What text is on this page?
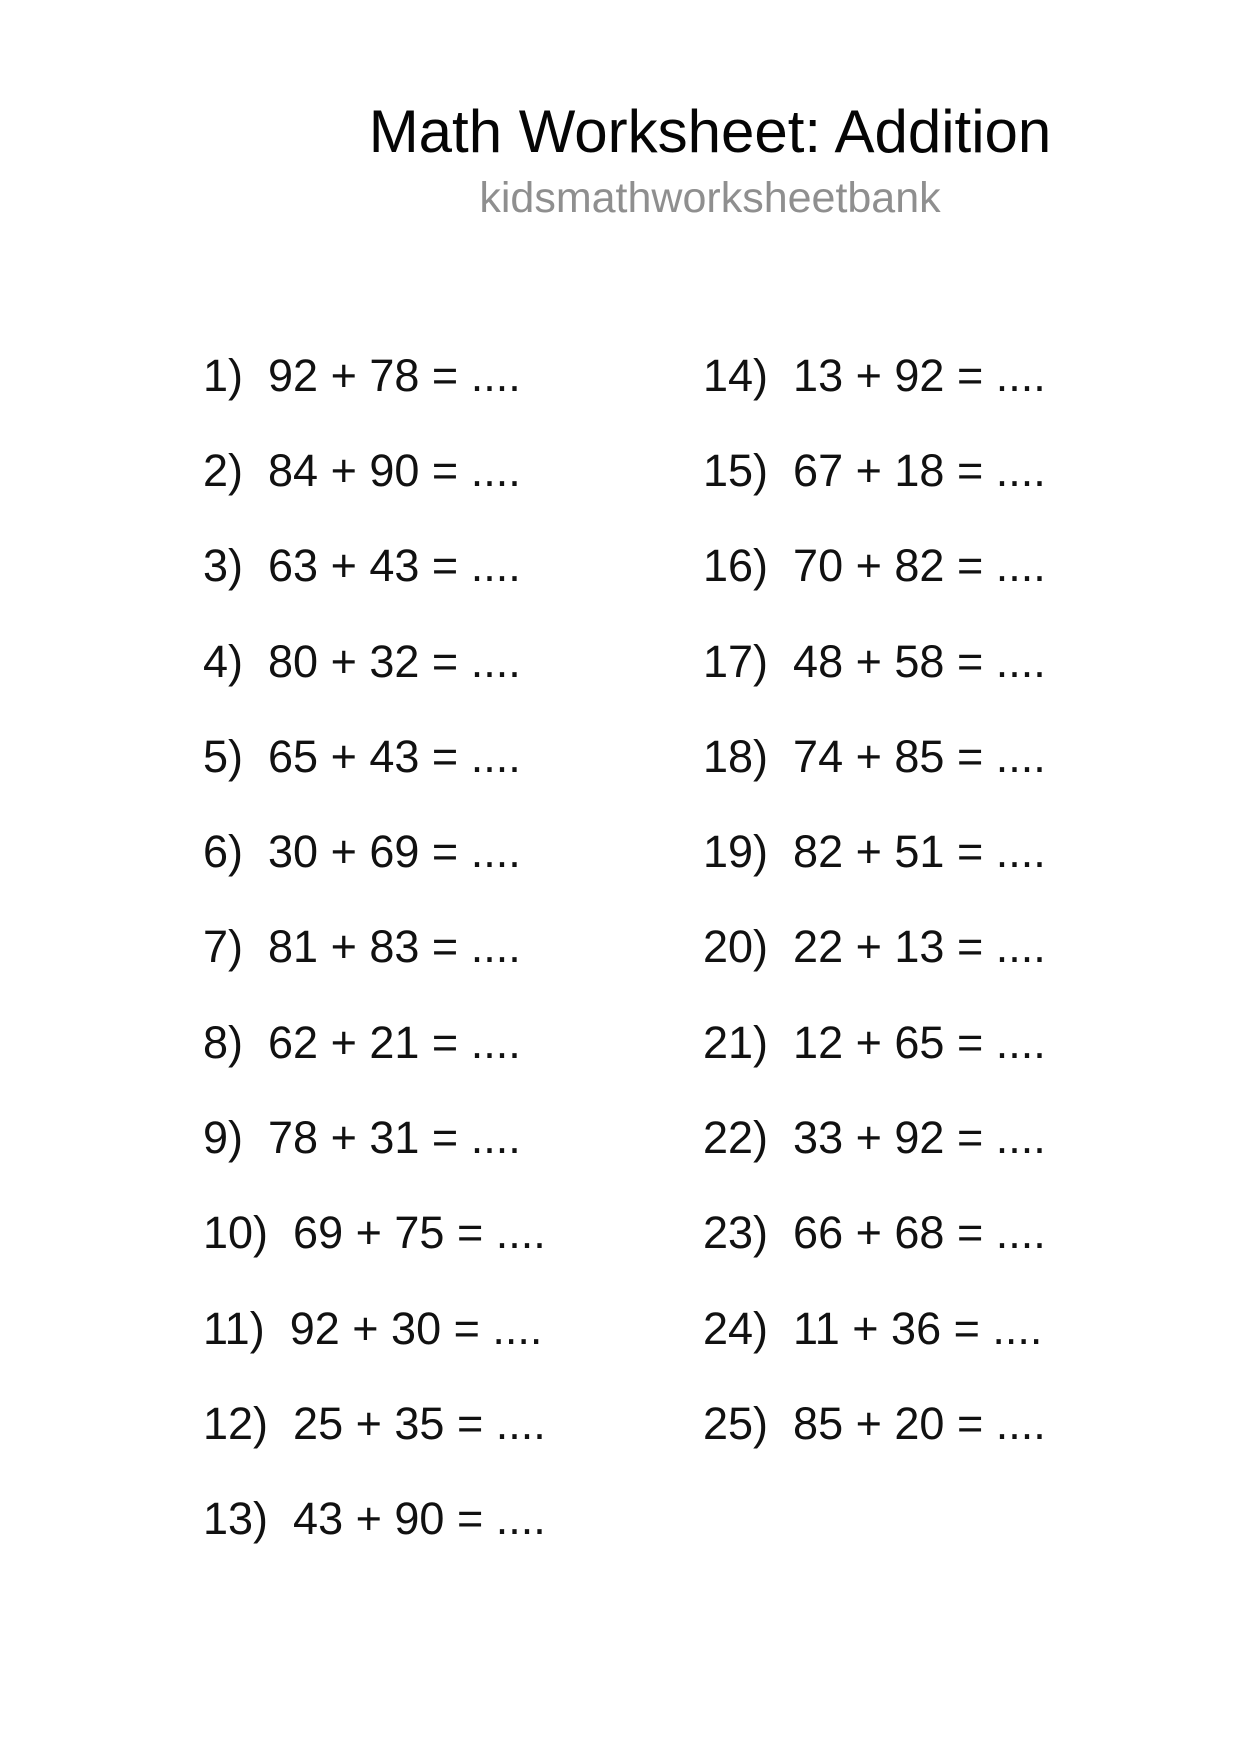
Math Worksheet: Addition
kidsmathworksheetbank
1) 92 + 78 = ....
2) 84 + 90 = ....
3) 63 + 43 = ....
4) 80 + 32 = ....
5) 65 + 43 = ....
6) 30 + 69 = ....
7) 81 + 83 = ....
8) 62 + 21 = ....
9) 78 + 31 = ....
10) 69 + 75 = ....
11) 92 + 30 = ....
12) 25 + 35 = ....
13) 43 + 90 = ....
14) 13 + 92 = ....
15) 67 + 18 = ....
16) 70 + 82 = ....
17) 48 + 58 = ....
18) 74 + 85 = ....
19) 82 + 51 = ....
20) 22 + 13 = ....
21) 12 + 65 = ....
22) 33 + 92 = ....
23) 66 + 68 = ....
24) 11 + 36 = ....
25) 85 + 20 = ....
